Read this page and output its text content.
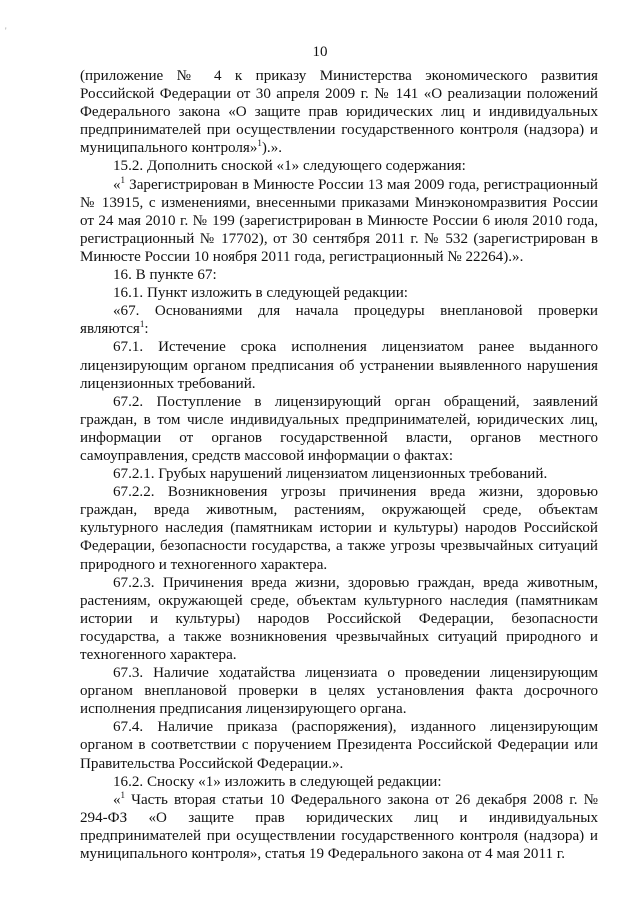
'
10

(приложение № 4 к приказу Министерства экономического развития Российской Федерации от 30 апреля 2009 г. № 141 «О реализации положений Федерального закона «О защите прав юридических лиц и индивидуальных предпринимателей при осуществлении государственного контроля (надзора) и муниципального контроля»$^1$).».

15.2. Дополнить сноской «1» следующего содержания:

«$^1$ Зарегистрирован в Минюсте России 13 мая 2009 года, регистрационный № 13915, с изменениями, внесенными приказами Минэкономразвития России от 24 мая 2010 г. № 199 (зарегистрирован в Минюсте России 6 июля 2010 года, регистрационный № 17702), от 30 сентября 2011 г. № 532 (зарегистрирован в Минюсте России 10 ноября 2011 года, регистрационный № 22264).».

16. В пункте 67:

16.1. Пункт изложить в следующей редакции:

«67. Основаниями для начала процедуры внеплановой проверки являются$^1$:

67.1. Истечение срока исполнения лицензиатом ранее выданного лицензирующим органом предписания об устранении выявленного нарушения лицензионных требований.

67.2. Поступление в лицензирующий орган обращений, заявлений граждан, в том числе индивидуальных предпринимателей, юридических лиц, информации от органов государственной власти, органов местного самоуправления, средств массовой информации о фактах:

67.2.1. Грубых нарушений лицензиатом лицензионных требований.

67.2.2. Возникновения угрозы причинения вреда жизни, здоровью граждан, вреда животным, растениям, окружающей среде, объектам культурного наследия (памятникам истории и культуры) народов Российской Федерации, безопасности государства, а также угрозы чрезвычайных ситуаций природного и техногенного характера.

67.2.3. Причинения вреда жизни, здоровью граждан, вреда животным, растениям, окружающей среде, объектам культурного наследия (памятникам истории и культуры) народов Российской Федерации, безопасности государства, а также возникновения чрезвычайных ситуаций природного и техногенного характера.

67.3. Наличие ходатайства лицензиата о проведении лицензирующим органом внеплановой проверки в целях установления факта досрочного исполнения предписания лицензирующего органа.

67.4. Наличие приказа (распоряжения), изданного лицензирующим органом в соответствии с поручением Президента Российской Федерации или Правительства Российской Федерации.».

16.2. Сноску «1» изложить в следующей редакции:

«$^1$ Часть вторая статьи 10 Федерального закона от 26 декабря 2008 г. № 294-ФЗ «О защите прав юридических лиц и индивидуальных предпринимателей при осуществлении государственного контроля (надзора) и муниципального контроля», статья 19 Федерального закона от 4 мая 2011 г.
